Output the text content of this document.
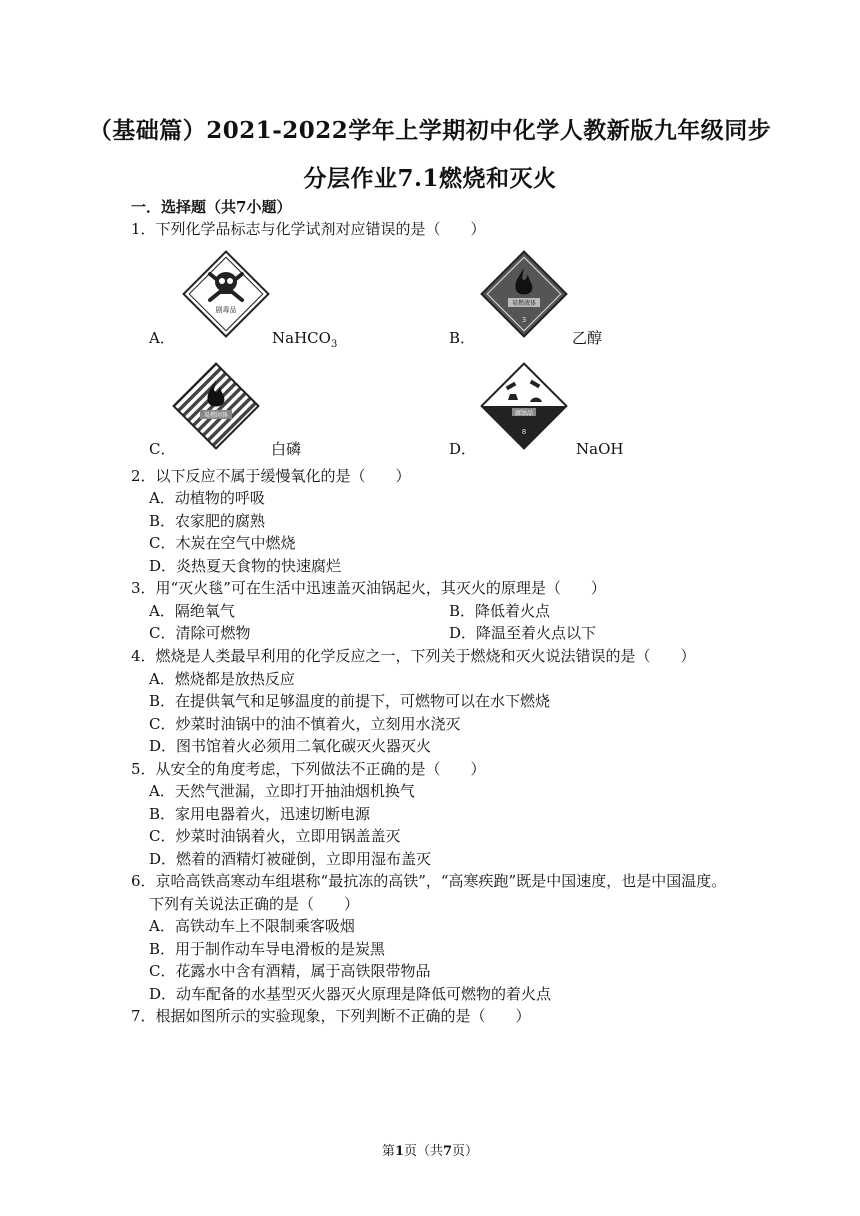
（基础篇）2021-2022学年上学期初中化学人教新版九年级同步
分层作业7.1燃烧和灭火
一．选择题（共7小题）
1．下列化学品标志与化学试剂对应错误的是（　　）
剧毒品
A．	NaHCO$_3$
易燃液体
3
B．	乙醇
易燃固体
C．	白磷
腐蚀品
8
D．	NaOH
2．以下反应不属于缓慢氧化的是（　　）
A．动植物的呼吸
B．农家肥的腐熟
C．木炭在空气中燃烧
D．炎热夏天食物的快速腐烂
3．用“灭火毯”可在生活中迅速盖灭油锅起火，其灭火的原理是（　　）
A．隔绝氧气	B．降低着火点
C．清除可燃物	D．降温至着火点以下
4．燃烧是人类最早利用的化学反应之一，下列关于燃烧和灭火说法错误的是（　　）
A．燃烧都是放热反应
B．在提供氧气和足够温度的前提下，可燃物可以在水下燃烧
C．炒菜时油锅中的油不慎着火，立刻用水浇灭
D．图书馆着火必须用二氧化碳灭火器灭火
5．从安全的角度考虑，下列做法不正确的是（　　）
A．天然气泄漏，立即打开抽油烟机换气
B．家用电器着火，迅速切断电源
C．炒菜时油锅着火，立即用锅盖盖灭
D．燃着的酒精灯被碰倒，立即用湿布盖灭
6．京哈高铁高寒动车组堪称“最抗冻的高铁”，“高寒疾跑”既是中国速度，也是中国温度。
下列有关说法正确的是（　　）
A．高铁动车上不限制乘客吸烟
B．用于制作动车导电滑板的是炭黑
C．花露水中含有酒精，属于高铁限带物品
D．动车配备的水基型灭火器灭火原理是降低可燃物的着火点
7．根据如图所示的实验现象，下列判断不正确的是（　　）
第1页（共7页）
